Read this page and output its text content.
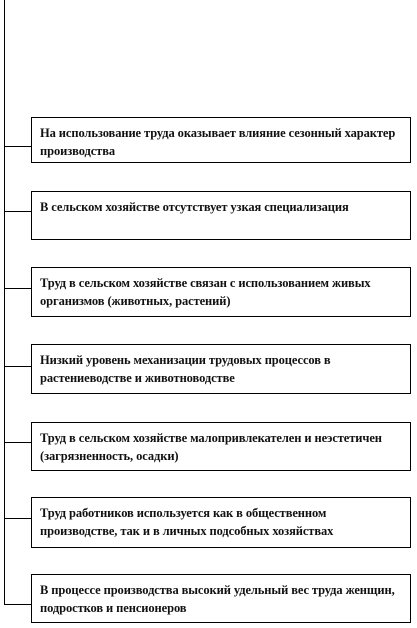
На использование труда оказывает влияние сезонный характер производства
В сельском хозяйстве отсутствует узкая специализация
Труд в сельском хозяйстве связан с использованием живых организмов (животных, растений)
Низкий уровень механизации трудовых процессов в растениеводстве и животноводстве
Труд в сельском хозяйстве малопривлекателен и неэстетичен (загрязненность, осадки)
Труд работников используется как в общественном производстве, так и в личных подсобных хозяйствах
В процессе производства высокий удельный вес труда женщин, подростков и пенсионеров
